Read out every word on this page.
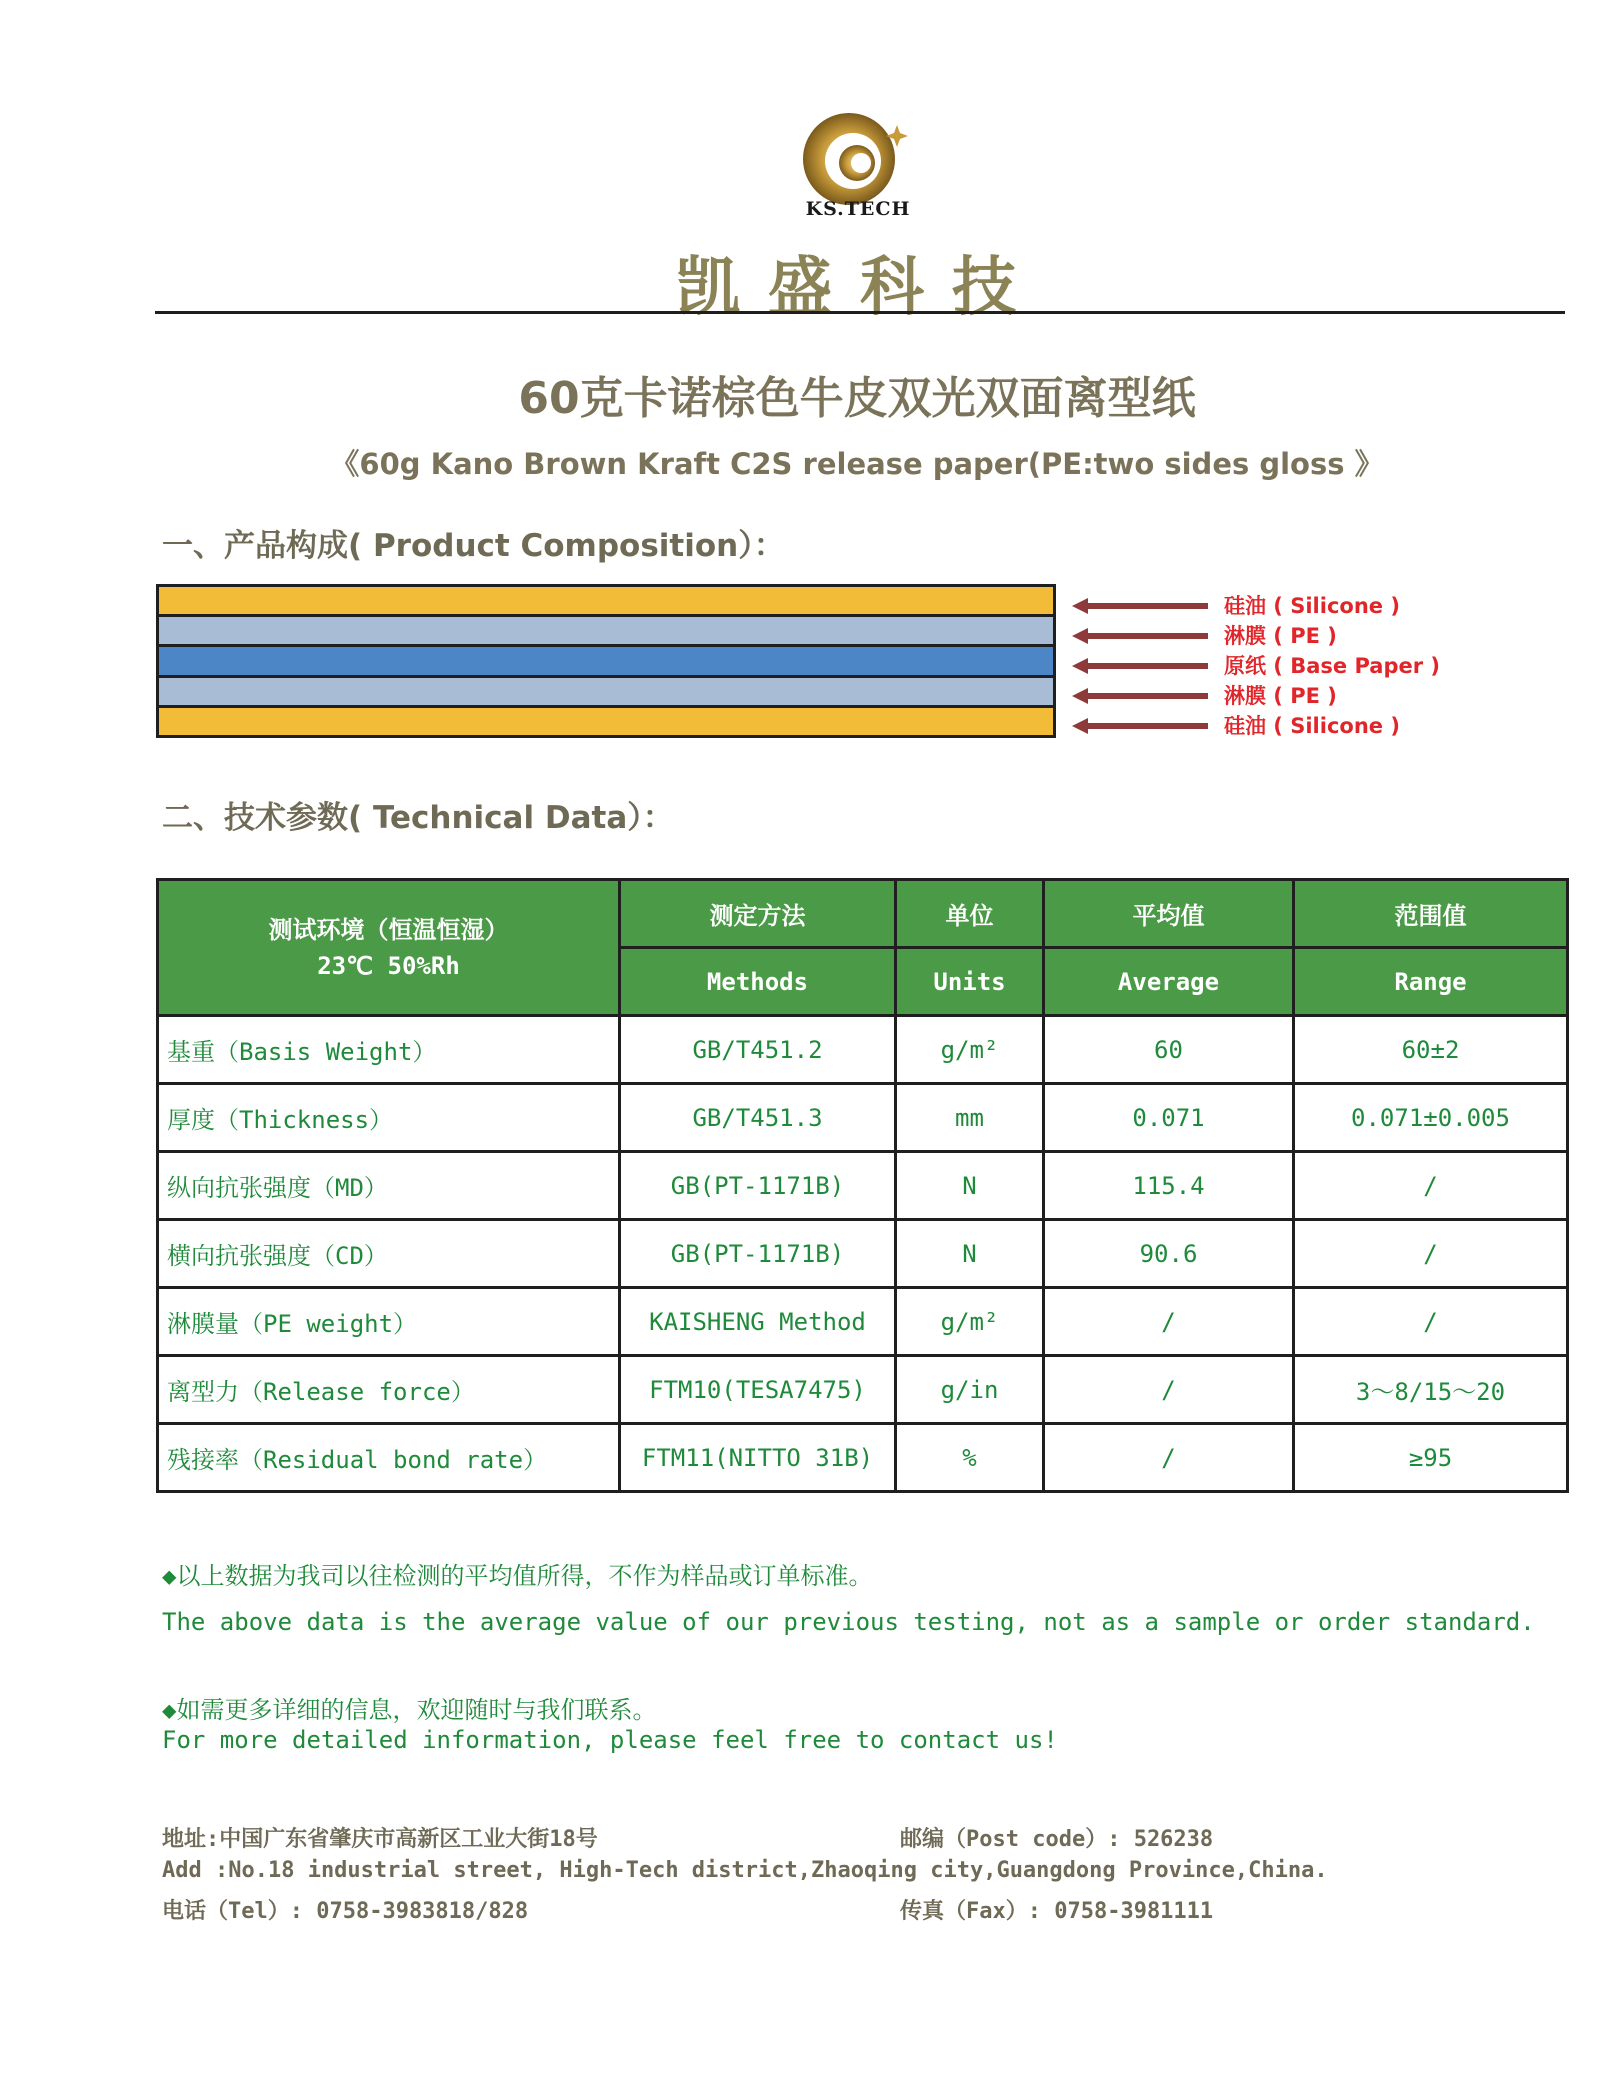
KS.TECH
凯盛科技
60克卡诺棕色牛皮双光双面离型纸
《60g Kano Brown Kraft C2S release paper(PE:two sides gloss 》
一、产品构成( Product Composition）：
硅油 ( Silicone )
淋膜 ( PE )
原纸 ( Base Paper )
淋膜 ( PE )
硅油 ( Silicone )
二、技术参数( Technical Data）：
测试环境（恒温恒湿）
23℃ 50%Rh	测定方法	单位	平均值	范围值
	Methods	Units	Average	Range
基重（Basis Weight）	GB/T451.2	g/m²	60	60±2
厚度（Thickness）	GB/T451.3	mm	0.071	0.071±0.005
纵向抗张强度（MD）	GB(PT-1171B)	N	115.4	/
横向抗张强度（CD）	GB(PT-1171B)	N	90.6	/
淋膜量（PE weight）	KAISHENG Method	g/m²	/	/
离型力（Release force）	FTM10(TESA7475)	g/in	/	3～8/15～20
残接率（Residual bond rate）	FTM11(NITTO 31B)	%	/	≥95
◆以上数据为我司以往检测的平均值所得，不作为样品或订单标准。
The above data is the average value of our previous testing, not as a sample or order standard.
◆如需更多详细的信息，欢迎随时与我们联系。
For more detailed information, please feel free to contact us!
地址:中国广东省肇庆市高新区工业大街18号	邮编（Post code）: 526238
Add :No.18 industrial street, High-Tech district,Zhaoqing city,Guangdong Province,China.
电话（Tel）: 0758-3983818/828	传真（Fax）: 0758-3981111
